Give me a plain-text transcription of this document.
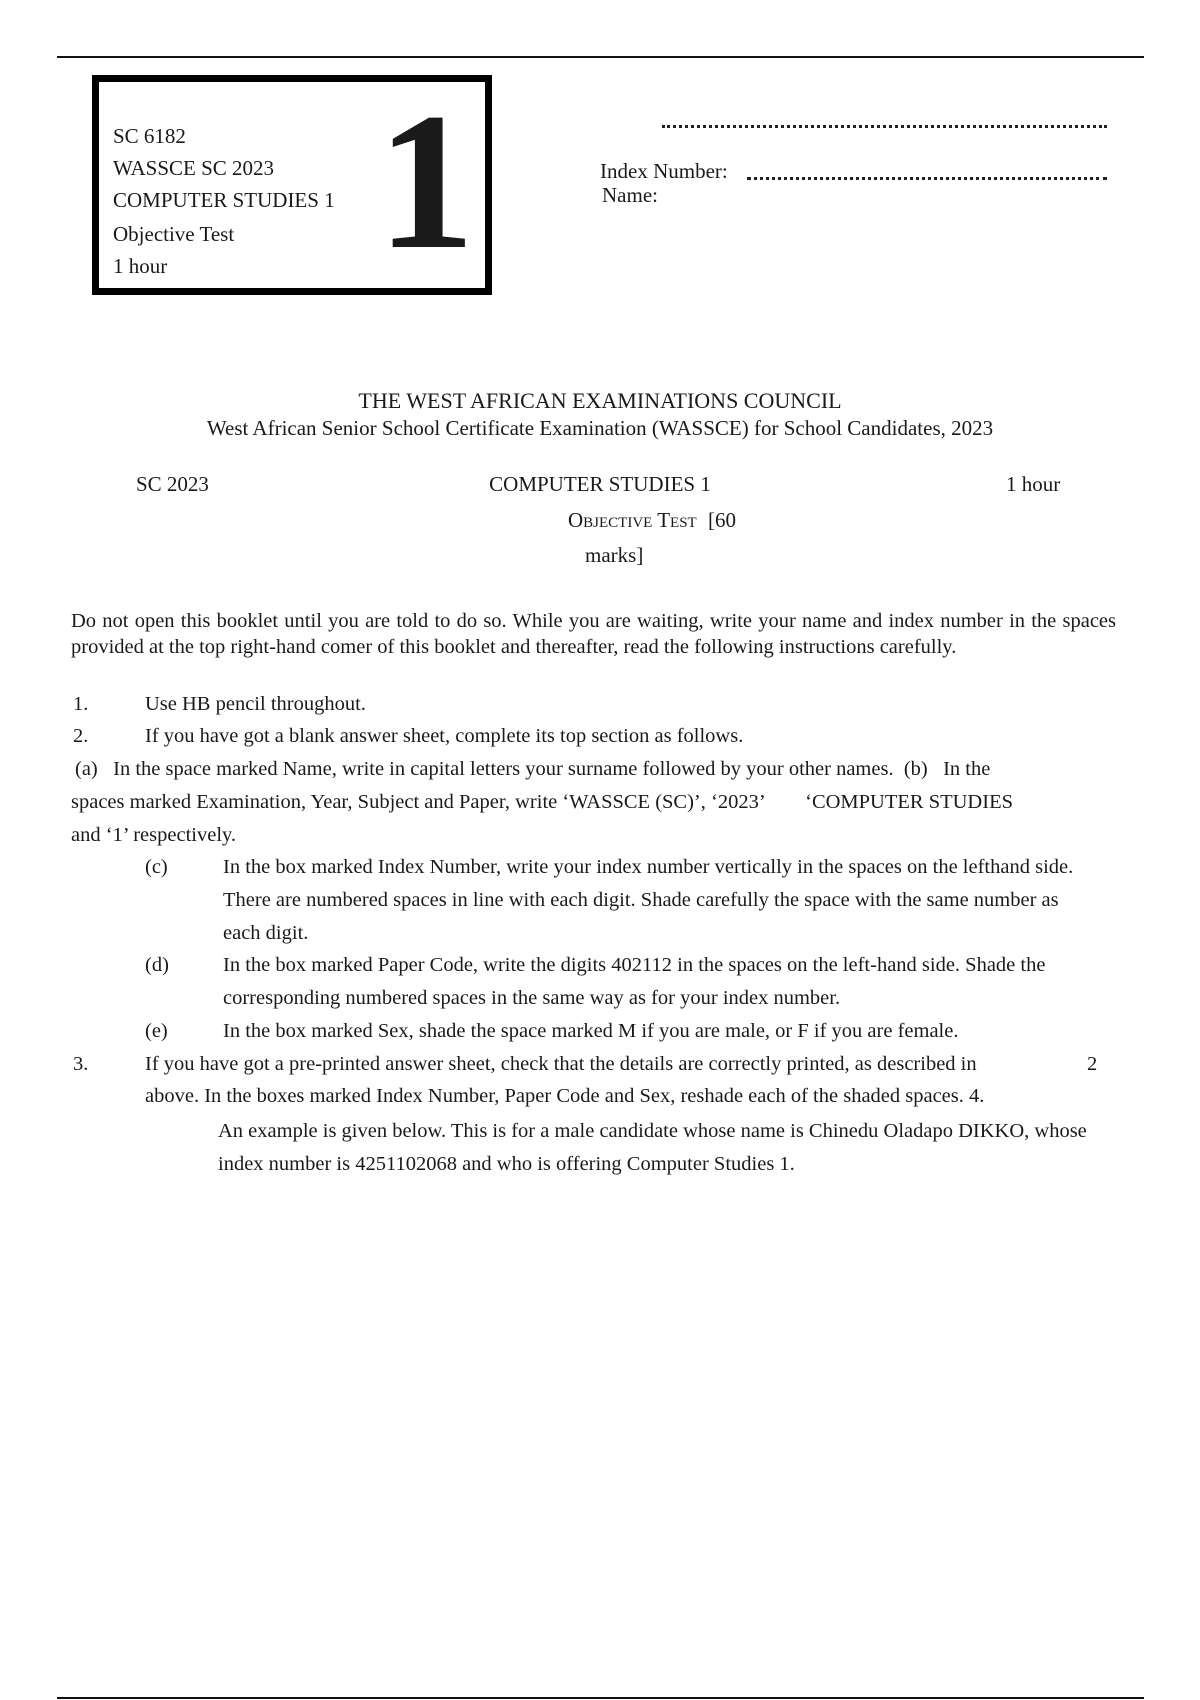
SC 6182
WASSCE SC 2023
COMPUTER STUDIES 1
Objective Test
1 hour 1	Index Number:
Name:
THE WEST AFRICAN EXAMINATIONS COUNCIL
West African Senior School Certificate Examination (WASSCE) for School Candidates, 2023
SC 2023	COMPUTER STUDIES 1	1 hour
Objective Test [60
marks]
Do not open this booklet until you are told to do so. While you are waiting, write your name and index number in the spaces provided at the top right-hand comer of this booklet and thereafter, read the following instructions carefully.
1.	Use HB pencil throughout.
2.	If you have got a blank answer sheet, complete its top section as follows.
(a)   In the space marked Name, write in capital letters your surname followed by your other names.  (b)   In the
spaces marked Examination, Year, Subject and Paper, write ‘WASSCE (SC)’, ‘2023’        ‘COMPUTER STUDIES
and ‘1’ respectively.
(c)	In the box marked Index Number, write your index number vertically in the spaces on the lefthand side. There are numbered spaces in line with each digit. Shade carefully the space with the same number as each digit.
(d)	In the box marked Paper Code, write the digits 402112 in the spaces on the left-hand side. Shade the corresponding numbered spaces in the same way as for your index number.
(e)	In the box marked Sex, shade the space marked M if you are male, or F if you are female.
3.	If you have got a pre-printed answer sheet, check that the details are correctly printed, as described in	2
above. In the boxes marked Index Number, Paper Code and Sex, reshade each of the shaded spaces. 4.
An example is given below. This is for a male candidate whose name is Chinedu Oladapo DIKKO, whose index number is 4251102068 and who is offering Computer Studies 1.
